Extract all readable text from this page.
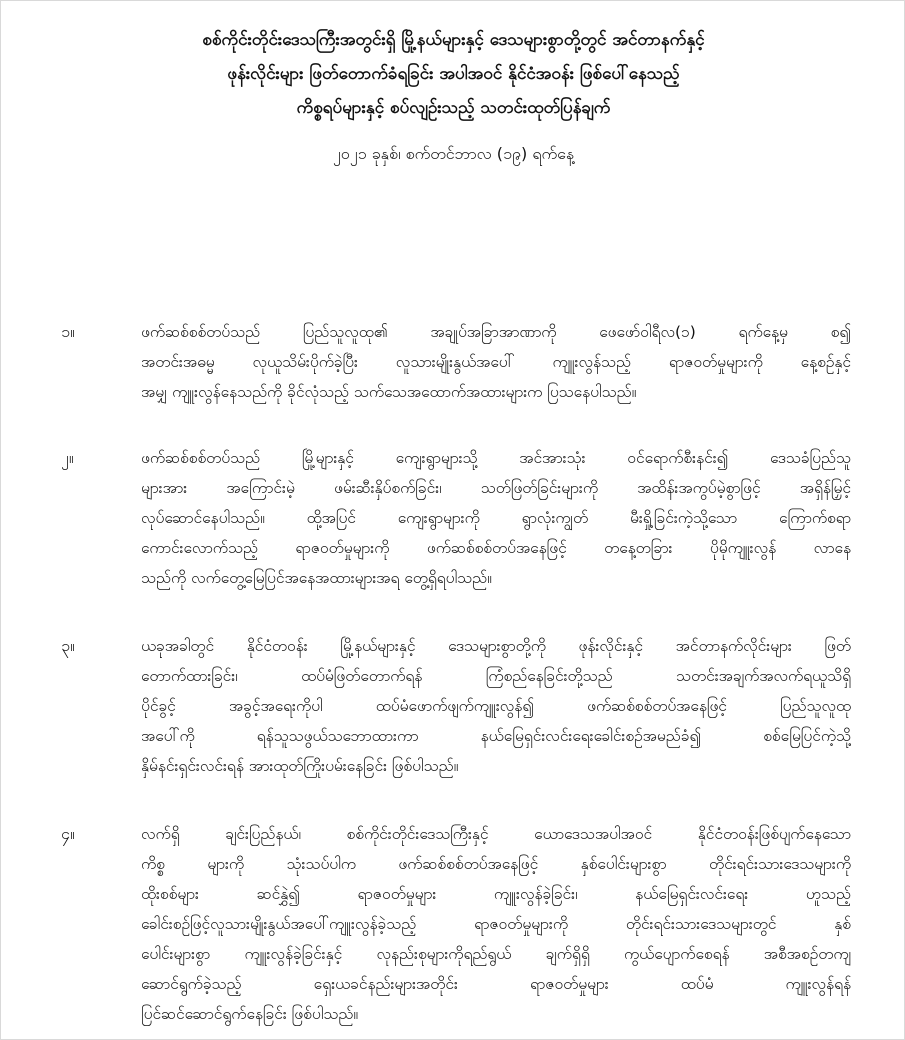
စစ်ကိုင်းတိုင်းဒေသကြီးအတွင်းရှိ မြို့နယ်များနှင့် ဒေသများစွာတို့တွင် အင်တာနက်နှင့်
ဖုန်းလိုင်းများ ဖြတ်တောက်ခံရခြင်း အပါအဝင် နိုင်ငံအဝန်း ဖြစ်ပေါ်နေသည့်
ကိစ္စရပ်များနှင့် စပ်လျဉ်းသည့် သတင်းထုတ်ပြန်ချက်
၂၀၂၁ ခုနှစ်၊ စက်တင်ဘာလ (၁၉) ရက်နေ့
၁။	ဖက်ဆစ်စစ်တပ်သည် ပြည်သူလူထု၏ အချုပ်အခြာအာဏာကို ဖေဖော်ဝါရီလ(၁) ရက်နေ့မှ စ၍
အတင်းအဓမ္မ လုယူသိမ်းပိုက်ခဲ့ပြီး လူသားမျိုးနွယ်အပေါ် ကျူးလွန်သည့် ရာဇဝတ်မှုများကို နေ့စဉ်နှင့်
အမျှ ကျူးလွန်နေသည်ကို ခိုင်လုံသည့် သက်သေအထောက်အထားများက ပြသနေပါသည်။
၂။	ဖက်ဆစ်စစ်တပ်သည် မြို့များနှင့် ကျေးရွာများသို့ အင်အားသုံး ဝင်ရောက်စီးနင်း၍ ဒေသခံပြည်သူ
များအား အကြောင်းမဲ့ ဖမ်းဆီးနှိပ်စက်ခြင်း၊ သတ်ဖြတ်ခြင်းများကို အထိန်းအကွပ်မဲ့စွာဖြင့် အရှိန်မြှင့်
လုပ်ဆောင်နေပါသည်။ ထို့အပြင် ကျေးရွာများကို ရွာလုံးကျွတ် မီးရှို့ခြင်းကဲ့သို့သော ကြောက်စရာ
ကောင်းလောက်သည့် ရာဇဝတ်မှုများကို ဖက်ဆစ်စစ်တပ်အနေဖြင့် တနေ့တခြား ပိုမိုကျူးလွန် လာနေ
သည်ကို လက်တွေ့မြေပြင်အနေအထားများအရ တွေ့ရှိရပါသည်။
၃။	ယခုအခါတွင် နိုင်ငံတဝန်း မြို့နယ်များနှင့် ဒေသများစွာတို့ကို ဖုန်းလိုင်းနှင့် အင်တာနက်လိုင်းများ ဖြတ်
တောက်ထားခြင်း၊ ထပ်မံဖြတ်တောက်ရန် ကြံစည်နေခြင်းတို့သည် သတင်းအချက်အလက်ရယူသိရှိ
ပိုင်ခွင့် အခွင့်အရေးကိုပါ ထပ်မံဖောက်ဖျက်ကျူးလွန်၍ ဖက်ဆစ်စစ်တပ်အနေဖြင့် ပြည်သူလူထု
အပေါ်ကို ရန်သူသဖွယ်သဘောထားကာ နယ်မြေရှင်းလင်းရေးခေါင်းစဉ်အမည်ခံ၍ စစ်မြေပြင်ကဲ့သို့
နှိမ်နင်းရှင်းလင်းရန် အားထုတ်ကြိုးပမ်းနေခြင်း ဖြစ်ပါသည်။
၄။	လက်ရှိ ချင်းပြည်နယ်၊ စစ်ကိုင်းတိုင်းဒေသကြီးနှင့် ယောဒေသအပါအဝင် နိုင်ငံတဝန်းဖြစ်ပျက်နေသော
ကိစ္စ များကို သုံးသပ်ပါက ဖက်ဆစ်စစ်တပ်အနေဖြင့် နှစ်ပေါင်းများစွာ တိုင်းရင်းသားဒေသများကို
ထိုးစစ်များ ဆင်နွှဲ၍ ရာဇဝတ်မှုများ ကျူးလွန်ခဲ့ခြင်း၊ နယ်မြေရှင်းလင်းရေး ဟူသည့်
ခေါင်းစဉ်ဖြင့်လူသားမျိုးနွယ်အပေါ်ကျူးလွန်ခဲ့သည့် ရာဇဝတ်မှုများကို တိုင်းရင်းသားဒေသများတွင် နှစ်
ပေါင်းများစွာ ကျူးလွန်ခဲ့ခြင်းနှင့် လုနည်းစုများကိုရည်ရွယ် ချက်ရှိရှိ ကွယ်ပျောက်စေရန် အစီအစဉ်တကျ
ဆောင်ရွက်ခဲ့သည့် ရှေးယခင်နည်းများအတိုင်း ရာဇဝတ်မှုများ ထပ်မံ ကျူးလွန်ရန်
ပြင်ဆင်ဆောင်ရွက်နေခြင်း ဖြစ်ပါသည်။
